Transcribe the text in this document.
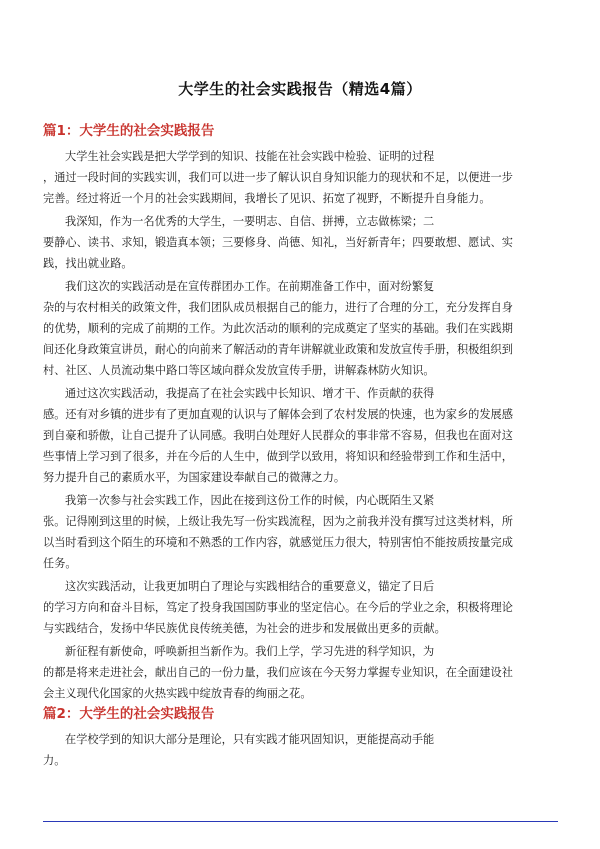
大学生的社会实践报告（精选4篇）
篇1：大学生的社会实践报告
大学生社会实践是把大学学到的知识、技能在社会实践中检验、证明的过程
，通过一段时间的实践实训，我们可以进一步了解认识自身知识能力的现状和不足，以便进一步
完善。经过将近一个月的社会实践期间，我增长了见识、拓宽了视野，不断提升自身能力。
我深知，作为一名优秀的大学生，一要明志、自信、拼搏，立志做栋梁；二
要静心、读书、求知，锻造真本领；三要修身、尚德、知礼，当好新青年；四要敢想、愿试、实
践，找出就业路。
我们这次的实践活动是在宣传群团办工作。在前期准备工作中，面对纷繁复
杂的与农村相关的政策文件，我们团队成员根据自己的能力，进行了合理的分工，充分发挥自身
的优势，顺利的完成了前期的工作。为此次活动的顺利的完成奠定了坚实的基础。我们在实践期
间还化身政策宣讲员，耐心的向前来了解活动的青年讲解就业政策和发放宣传手册，积极组织到
村、社区、人员流动集中路口等区域向群众发放宣传手册，讲解森林防火知识。
通过这次实践活动，我提高了在社会实践中长知识、增才干、作贡献的获得
感。还有对乡镇的进步有了更加直观的认识与了解体会到了农村发展的快速，也为家乡的发展感
到自豪和骄傲，让自己提升了认同感。我明白处理好人民群众的事非常不容易，但我也在面对这
些事情上学习到了很多，并在今后的人生中，做到学以致用，将知识和经验带到工作和生活中，
努力提升自己的素质水平，为国家建设奉献自己的微薄之力。
我第一次参与社会实践工作，因此在接到这份工作的时候，内心既陌生又紧
张。记得刚到这里的时候，上级让我先写一份实践流程，因为之前我并没有撰写过这类材料，所
以当时看到这个陌生的环境和不熟悉的工作内容，就感觉压力很大，特别害怕不能按质按量完成
任务。
这次实践活动，让我更加明白了理论与实践相结合的重要意义，锚定了日后
的学习方向和奋斗目标，笃定了投身我国国防事业的坚定信心。在今后的学业之余，积极将理论
与实践结合，发扬中华民族优良传统美德，为社会的进步和发展做出更多的贡献。
新征程有新使命，呼唤新担当新作为。我们上学，学习先进的科学知识，为
的都是将来走进社会，献出自己的一份力量，我们应该在今天努力掌握专业知识，在全面建设社
会主义现代化国家的火热实践中绽放青春的绚丽之花。
篇2：大学生的社会实践报告
在学校学到的知识大部分是理论，只有实践才能巩固知识，更能提高动手能
力。
